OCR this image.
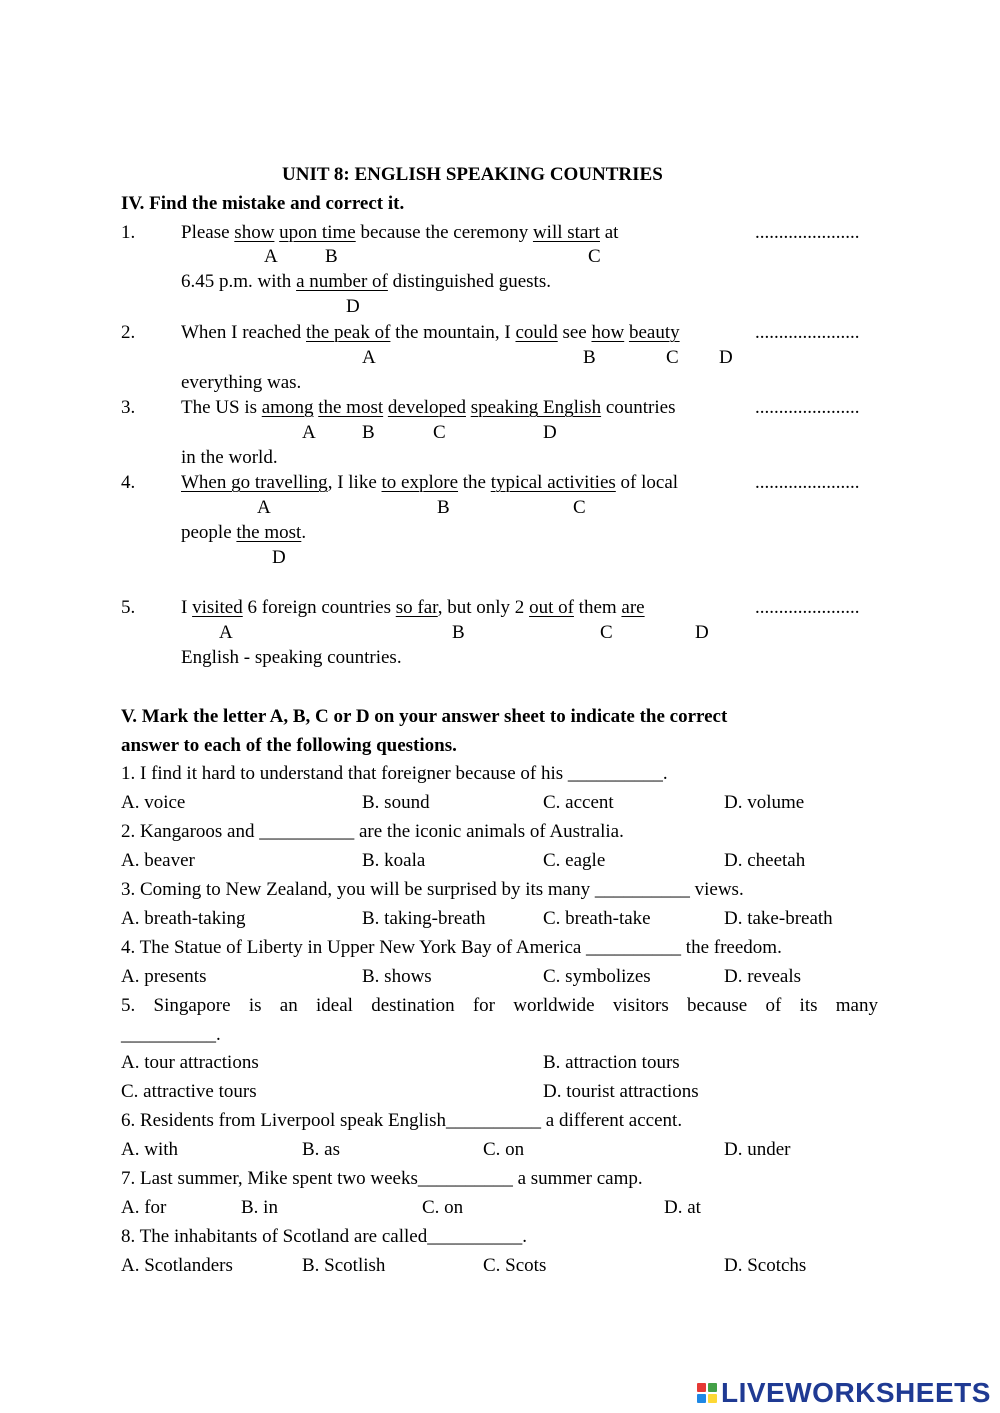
UNIT 8: ENGLISH SPEAKING COUNTRIES
IV. Find the mistake and correct it.
1. Please show upon time because the ceremony will start at	......................
A B	C
6.45 p.m. with a number of distinguished guests.
D
2. When I reached the peak of the mountain, I could see how beauty	......................
A	B	C D
everything was.
3. The US is among the most developed speaking English countries	......................
A B	C	D
in the world.
4. When go travelling, I like to explore the typical activities of local	......................
A	B	C
people the most.
D
5. I visited 6 foreign countries so far, but only 2 out of them are	......................
A	B	C	D
English - speaking countries.
V. Mark the letter A, B, C or D on your answer sheet to indicate the correct
answer to each of the following questions.
1. I find it hard to understand that foreigner because of his __________.
A. voice	B. sound	C. accent	D. volume
2. Kangaroos and __________ are the iconic animals of Australia.
A. beaver	B. koala	C. eagle	D. cheetah
3. Coming to New Zealand, you will be surprised by its many __________ views.
A. breath-taking	B. taking-breath	C. breath-take	D. take-breath
4. The Statue of Liberty in Upper New York Bay of America __________ the freedom.
A. presents	B. shows	C. symbolizes	D. reveals
5. Singapore is an ideal destination for worldwide visitors because of its many
__________.
A. tour attractions	B. attraction tours
C. attractive tours	D. tourist attractions
6. Residents from Liverpool speak English__________ a different accent.
A. with	B. as	C. on	D. under
7. Last summer, Mike spent two weeks__________ a summer camp.
A. for	B. in	C. on	D. at
8. The inhabitants of Scotland are called__________.
A. Scotlanders	B. Scotlish	C. Scots	D. Scotchs
LIVEWORKSHEETS
